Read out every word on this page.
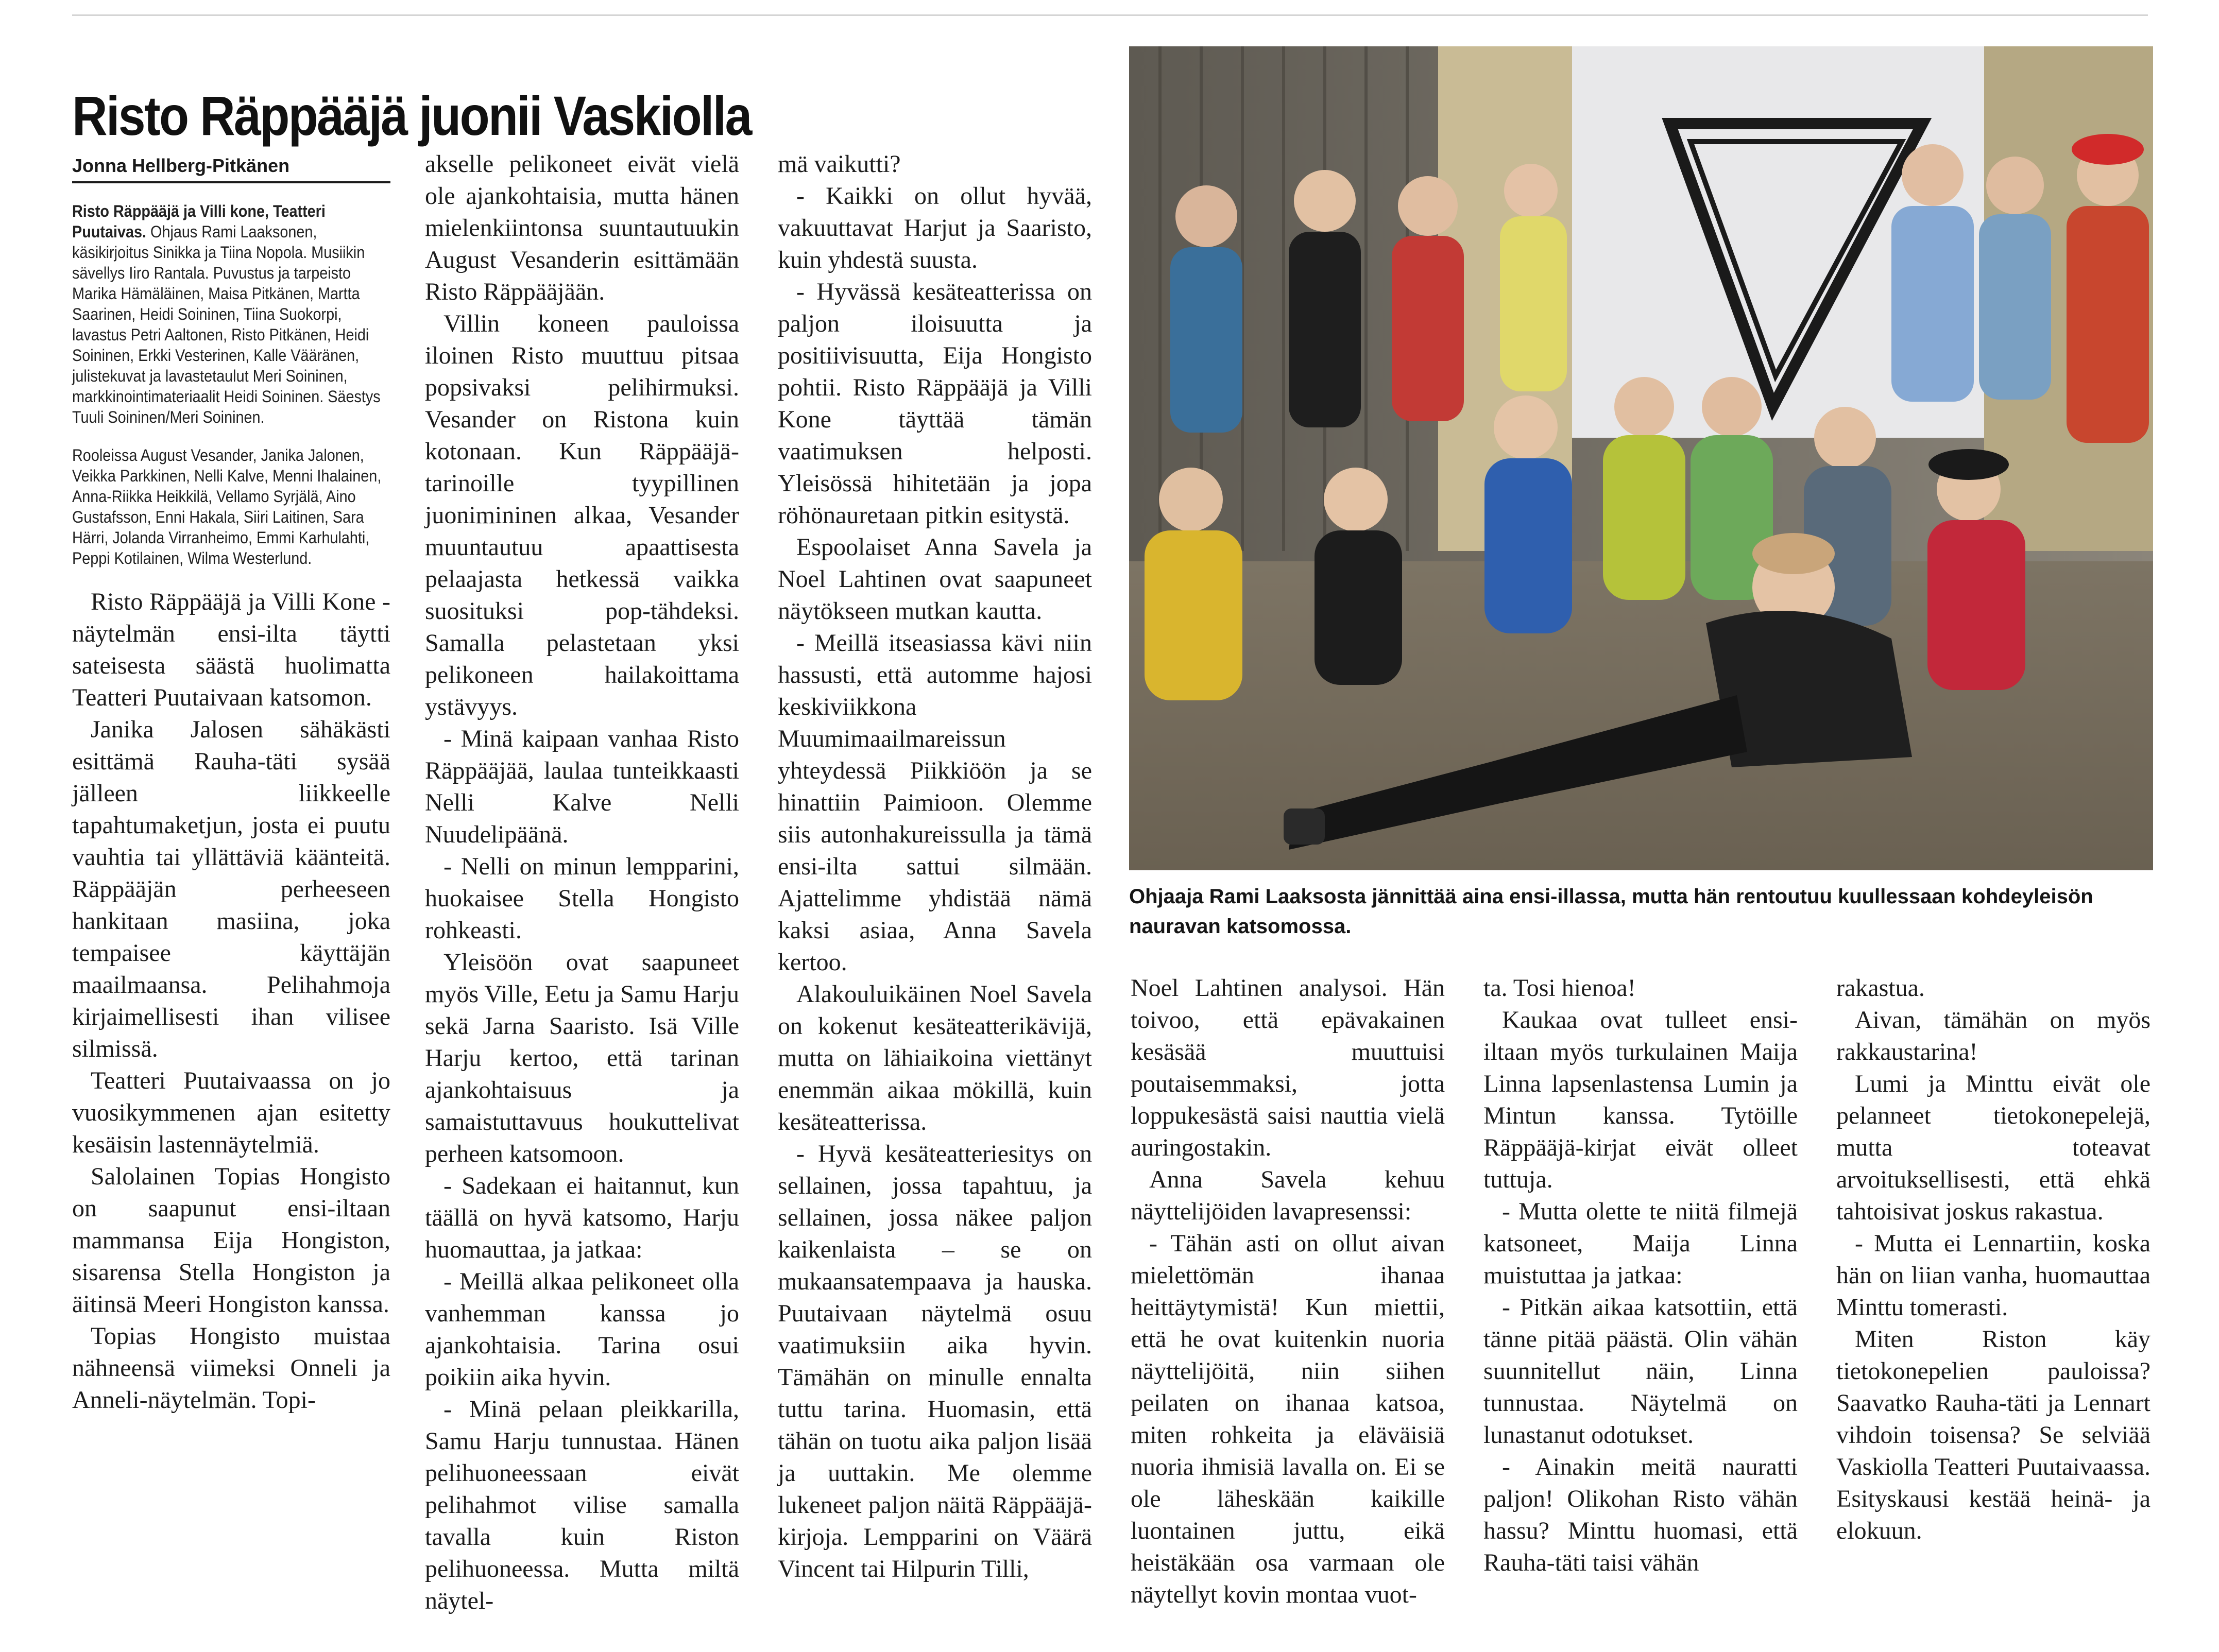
Risto Räppääjä juonii Vaskiolla
Jonna Hellberg-Pitkänen

Risto Räppääjä ja Villi kone, Teatteri Puutaivas. Ohjaus Rami Laaksonen, käsikirjoitus Sinikka ja Tiina Nopola. Musiikin sävellys Iiro Rantala. Puvustus ja tarpeisto Marika Hämäläinen, Maisa Pitkänen, Martta Saarinen, Heidi Soininen, Tiina Suokorpi, lavastus Petri Aaltonen, Risto Pitkänen, Heidi Soininen, Erkki Vesterinen, Kalle Vääränen, julistekuvat ja lavastetaulut Meri Soininen, markkinointimateriaalit Heidi Soininen. Säestys Tuuli Soininen/Meri Soininen.

Rooleissa August Vesander, Janika Jalonen, Veikka Parkkinen, Nelli Kalve, Menni Ihalainen, Anna-Riikka Heikkilä, Vellamo Syrjälä, Aino Gustafsson, Enni Hakala, Siiri Laitinen, Sara Härri, Jolanda Virranheimo, Emmi Karhulahti, Peppi Kotilainen, Wilma Westerlund.

Risto Räppääjä ja Villi Kone -näytelmän ensi-ilta täytti sateisesta säästä huolimatta Teatteri Puutaivaan katsomon.

Janika Jalosen sähäkästi esittämä Rauha-täti sysää jälleen liikkeelle tapahtumaketjun, josta ei puutu vauhtia tai yllättäviä käänteitä. Räppääjän perheeseen hankitaan masiina, joka tempaisee käyttäjän maailmaansa. Pelihahmoja kirjaimellisesti ihan vilisee silmissä.

Teatteri Puutaivaassa on jo vuosikymmenen ajan esitetty kesäisin lastennäytelmiä.

Salolainen Topias Hongisto on saapunut ensi-iltaan mammansa Eija Hongiston, sisarensa Stella Hongiston ja äitinsä Meeri Hongiston kanssa.

Topias Hongisto muistaa nähneensä viimeksi Onneli ja Anneli-näytelmän. Topi-

akselle pelikoneet eivät vielä ole ajankohtaisia, mutta hänen mielenkiintonsa suuntautuukin August Vesanderin esittämään Risto Räppääjään.

Villin koneen pauloissa iloinen Risto muuttuu pitsaa popsivaksi pelihirmuksi. Vesander on Ristona kuin kotonaan. Kun Räppääjä-tarinoille tyypillinen juonimininen alkaa, Vesander muuntautuu apaattisesta pelaajasta hetkessä vaikka suosituksi pop-tähdeksi. Samalla pelastetaan yksi pelikoneen hailakoittama ystävyys.

- Minä kaipaan vanhaa Risto Räppääjää, laulaa tunteikkaasti Nelli Kalve Nelli Nuudelipäänä.

- Nelli on minun lempparini, huokaisee Stella Hongisto rohkeasti.

Yleisöön ovat saapuneet myös Ville, Eetu ja Samu Harju sekä Jarna Saaristo. Isä Ville Harju kertoo, että tarinan ajankohtaisuus ja samaistuttavuus houkuttelivat perheen katsomoon.

- Sadekaan ei haitannut, kun täällä on hyvä katsomo, Harju huomauttaa, ja jatkaa:

- Meillä alkaa pelikoneet olla vanhemman kanssa jo ajankohtaisia. Tarina osui poikiin aika hyvin.

- Minä pelaan pleikkarilla, Samu Harju tunnustaa. Hänen pelihuoneessaan eivät pelihahmot vilise samalla tavalla kuin Riston pelihuoneessa. Mutta miltä näytel-

mä vaikutti?

- Kaikki on ollut hyvää, vakuuttavat Harjut ja Saaristo, kuin yhdestä suusta.

- Hyvässä kesäteatterissa on paljon iloisuutta ja positiivisuutta, Eija Hongisto pohtii. Risto Räppääjä ja Villi Kone täyttää tämän vaatimuksen helposti. Yleisössä hihitetään ja jopa röhönauretaan pitkin esitystä.

Espoolaiset Anna Savela ja Noel Lahtinen ovat saapuneet näytökseen mutkan kautta.

- Meillä itseasiassa kävi niin hassusti, että automme hajosi keskiviikkona Muumimaailmareissun yhteydessä Piikkiöön ja se hinattiin Paimioon. Olemme siis autonhakureissulla ja tämä ensi-ilta sattui silmään. Ajattelimme yhdistää nämä kaksi asiaa, Anna Savela kertoo.

Alakouluikäinen Noel Savela on kokenut kesäteatterikävijä, mutta on lähiaikoina viettänyt enemmän aikaa mökillä, kuin kesäteatterissa.

- Hyvä kesäteatteriesitys on sellainen, jossa tapahtuu, ja sellainen, jossa näkee paljon kaikenlaista – se on mukaansatempaava ja hauska. Puutaivaan näytelmä osuu vaatimuksiin aika hyvin. Tämähän on minulle ennalta tuttu tarina. Huomasin, että tähän on tuotu aika paljon lisää ja uuttakin. Me olemme lukeneet paljon näitä Räppääjä-kirjoja. Lempparini on Väärä Vincent tai Hilpurin Tilli,

Ohjaaja Rami Laaksosta jännittää aina ensi-illassa, mutta hän rentoutuu kuullessaan kohdeyleisön nauravan katsomossa.

Noel Lahtinen analysoi. Hän toivoo, että epävakainen kesäsää muuttuisi poutaisemmaksi, jotta loppukesästä saisi nauttia vielä auringostakin.

Anna Savela kehuu näyttelijöiden lavapresenssi:

- Tähän asti on ollut aivan mielettömän ihanaa heittäytymistä! Kun miettii, että he ovat kuitenkin nuoria näyttelijöitä, niin siihen peilaten on ihanaa katsoa, miten rohkeita ja eläväisiä nuoria ihmisiä lavalla on. Ei se ole läheskään kaikille luontainen juttu, eikä heistäkään osa varmaan ole näytellyt kovin montaa vuot-

ta. Tosi hienoa!

Kaukaa ovat tulleet ensi-iltaan myös turkulainen Maija Linna lapsenlastensa Lumin ja Mintun kanssa. Tytöille Räppääjä-kirjat eivät olleet tuttuja.

- Mutta olette te niitä filmejä katsoneet, Maija Linna muistuttaa ja jatkaa:

- Pitkän aikaa katsottiin, että tänne pitää päästä. Olin vähän suunnitellut näin, Linna tunnustaa. Näytelmä on lunastanut odotukset.

- Ainakin meitä nauratti paljon! Olikohan Risto vähän hassu? Minttu huomasi, että Rauha-täti taisi vähän

rakastua.

Aivan, tämähän on myös rakkaustarina!

Lumi ja Minttu eivät ole pelanneet tietokonepelejä, mutta toteavat arvoituksellisesti, että ehkä tahtoisivat joskus rakastua.

- Mutta ei Lennartiin, koska hän on liian vanha, huomauttaa Minttu tomerasti.

Miten Riston käy tietokonepelien pauloissa? Saavatko Rauha-täti ja Lennart vihdoin toisensa? Se selviää Vaskiolla Teatteri Puutaivaassa. Esityskausi kestää heinä- ja elokuun.
